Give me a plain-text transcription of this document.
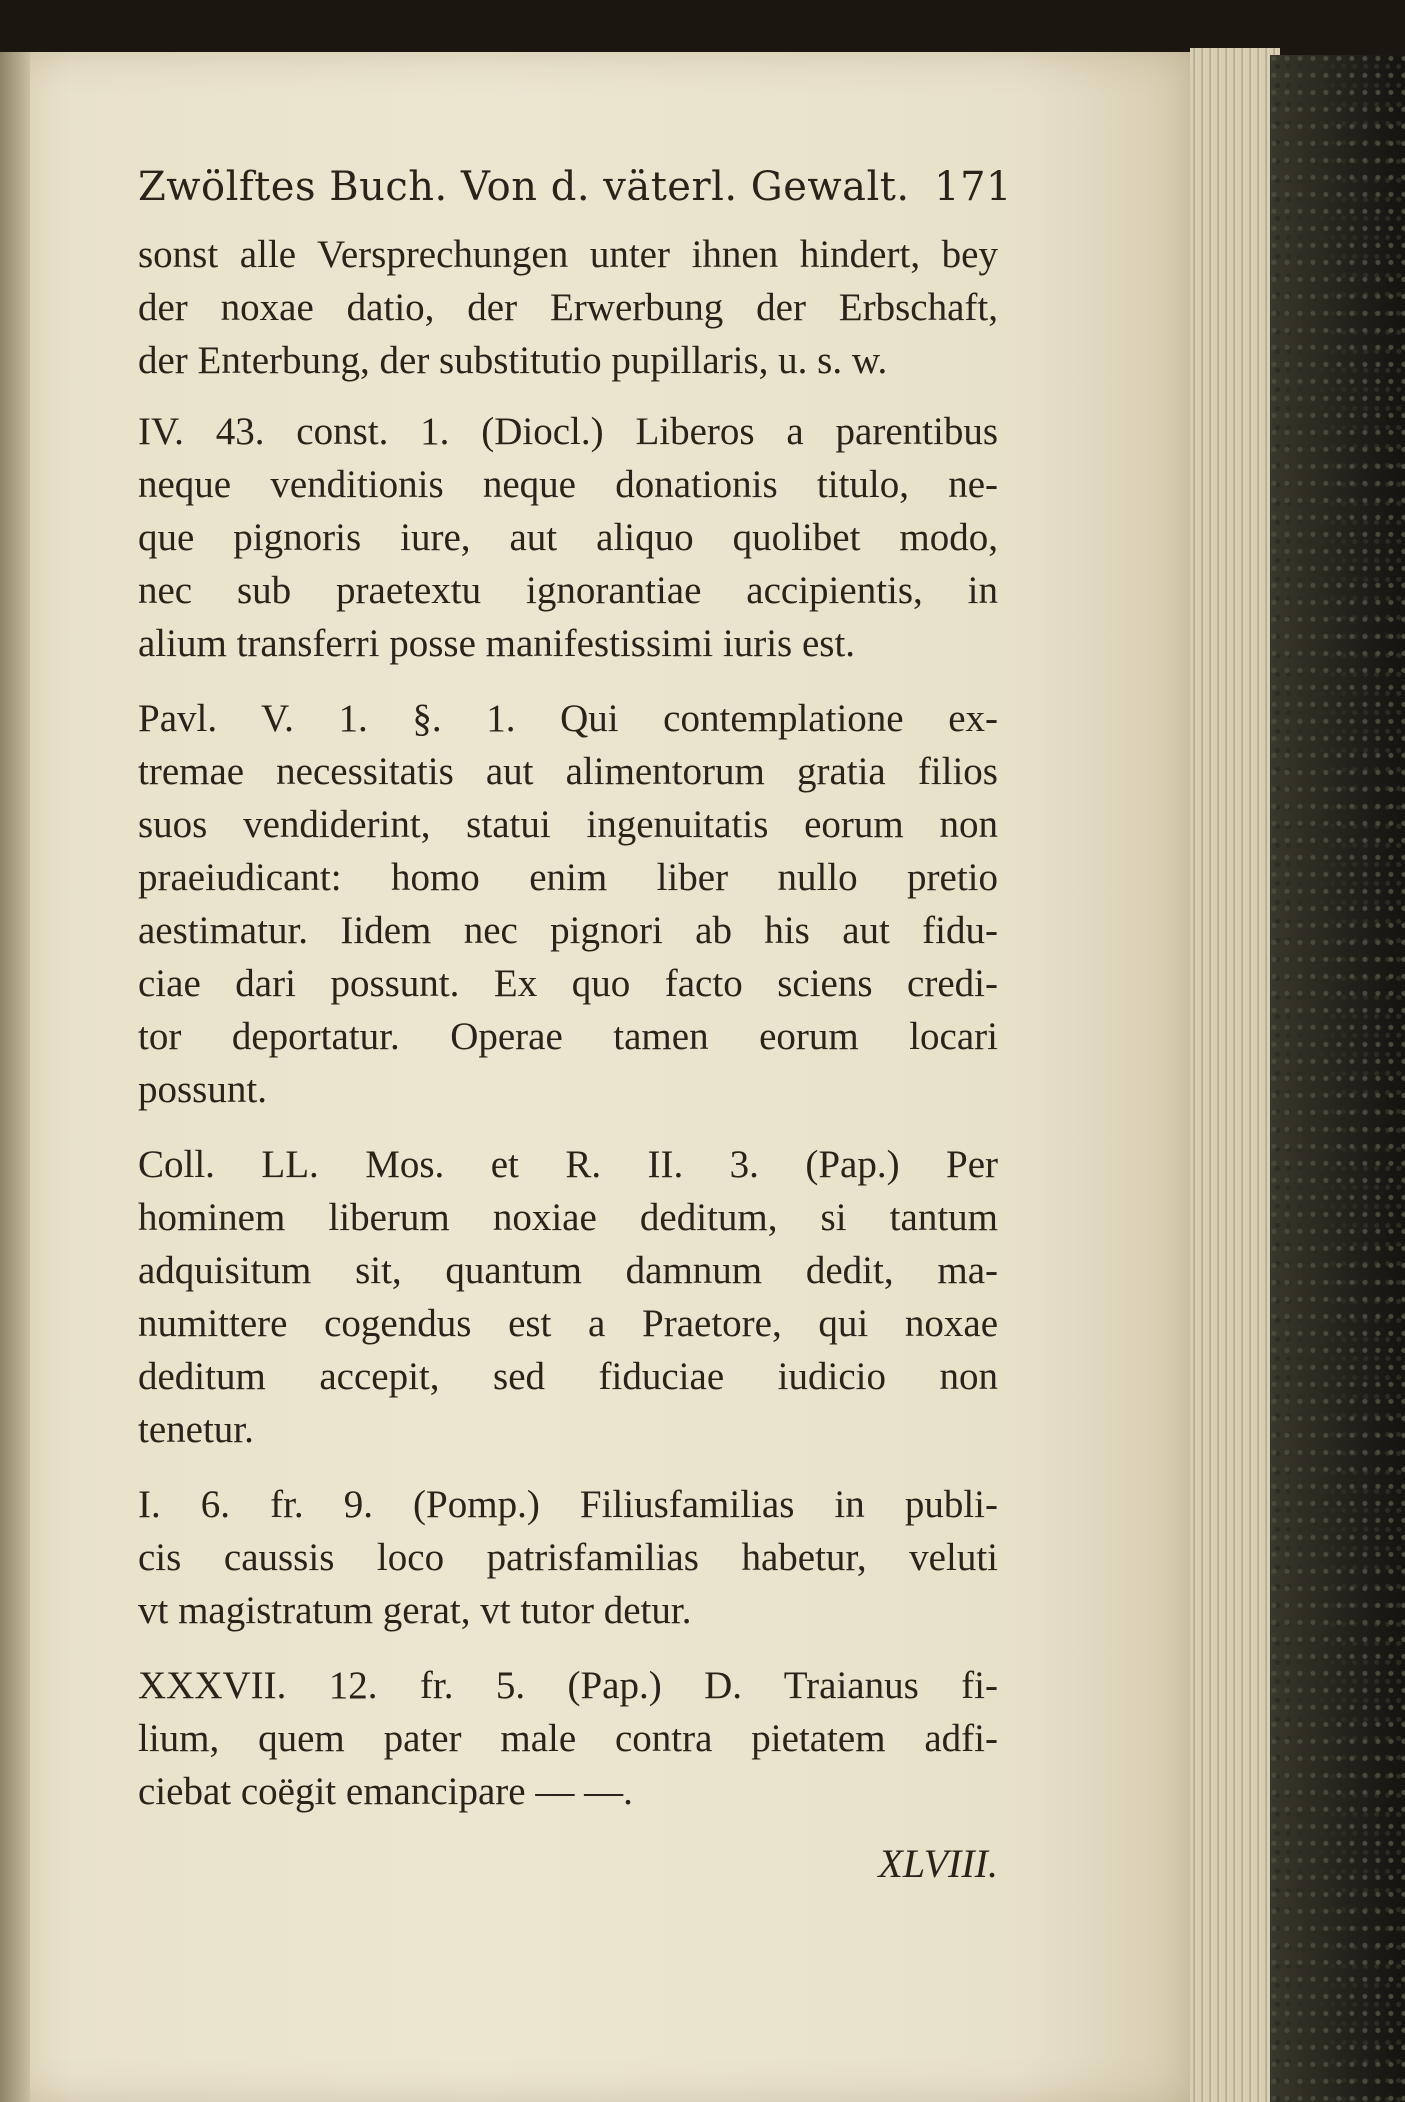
Zwölftes Buch. Von d. väterl. Gewalt. 171
sonst alle Versprechungen unter ihnen hindert, bey
der noxae datio, der Erwerbung der Erbschaft,
der Enterbung, der substitutio pupillaris, u. s. w.
IV. 43. const. 1. (Diocl.) Liberos a parentibus
neque venditionis neque donationis titulo, ne-
que pignoris iure, aut aliquo quolibet modo,
nec sub praetextu ignorantiae accipientis, in
alium transferri posse manifestissimi iuris est.
Pavl. V. 1. §. 1. Qui contemplatione ex-
tremae necessitatis aut alimentorum gratia filios
suos vendiderint, statui ingenuitatis eorum non
praeiudicant: homo enim liber nullo pretio
aestimatur. Iidem nec pignori ab his aut fidu-
ciae dari possunt. Ex quo facto sciens credi-
tor deportatur. Operae tamen eorum locari
possunt.
Coll. LL. Mos. et R. II. 3. (Pap.) Per
hominem liberum noxiae deditum, si tantum
adquisitum sit, quantum damnum dedit, ma-
numittere cogendus est a Praetore, qui noxae
deditum accepit, sed fiduciae iudicio non
tenetur.
I. 6. fr. 9. (Pomp.) Filiusfamilias in publi-
cis caussis loco patrisfamilias habetur, veluti
vt magistratum gerat, vt tutor detur.
XXXVII. 12. fr. 5. (Pap.) D. Traianus fi-
lium, quem pater male contra pietatem adfi-
ciebat coëgit emancipare — —.
XLVIII.
